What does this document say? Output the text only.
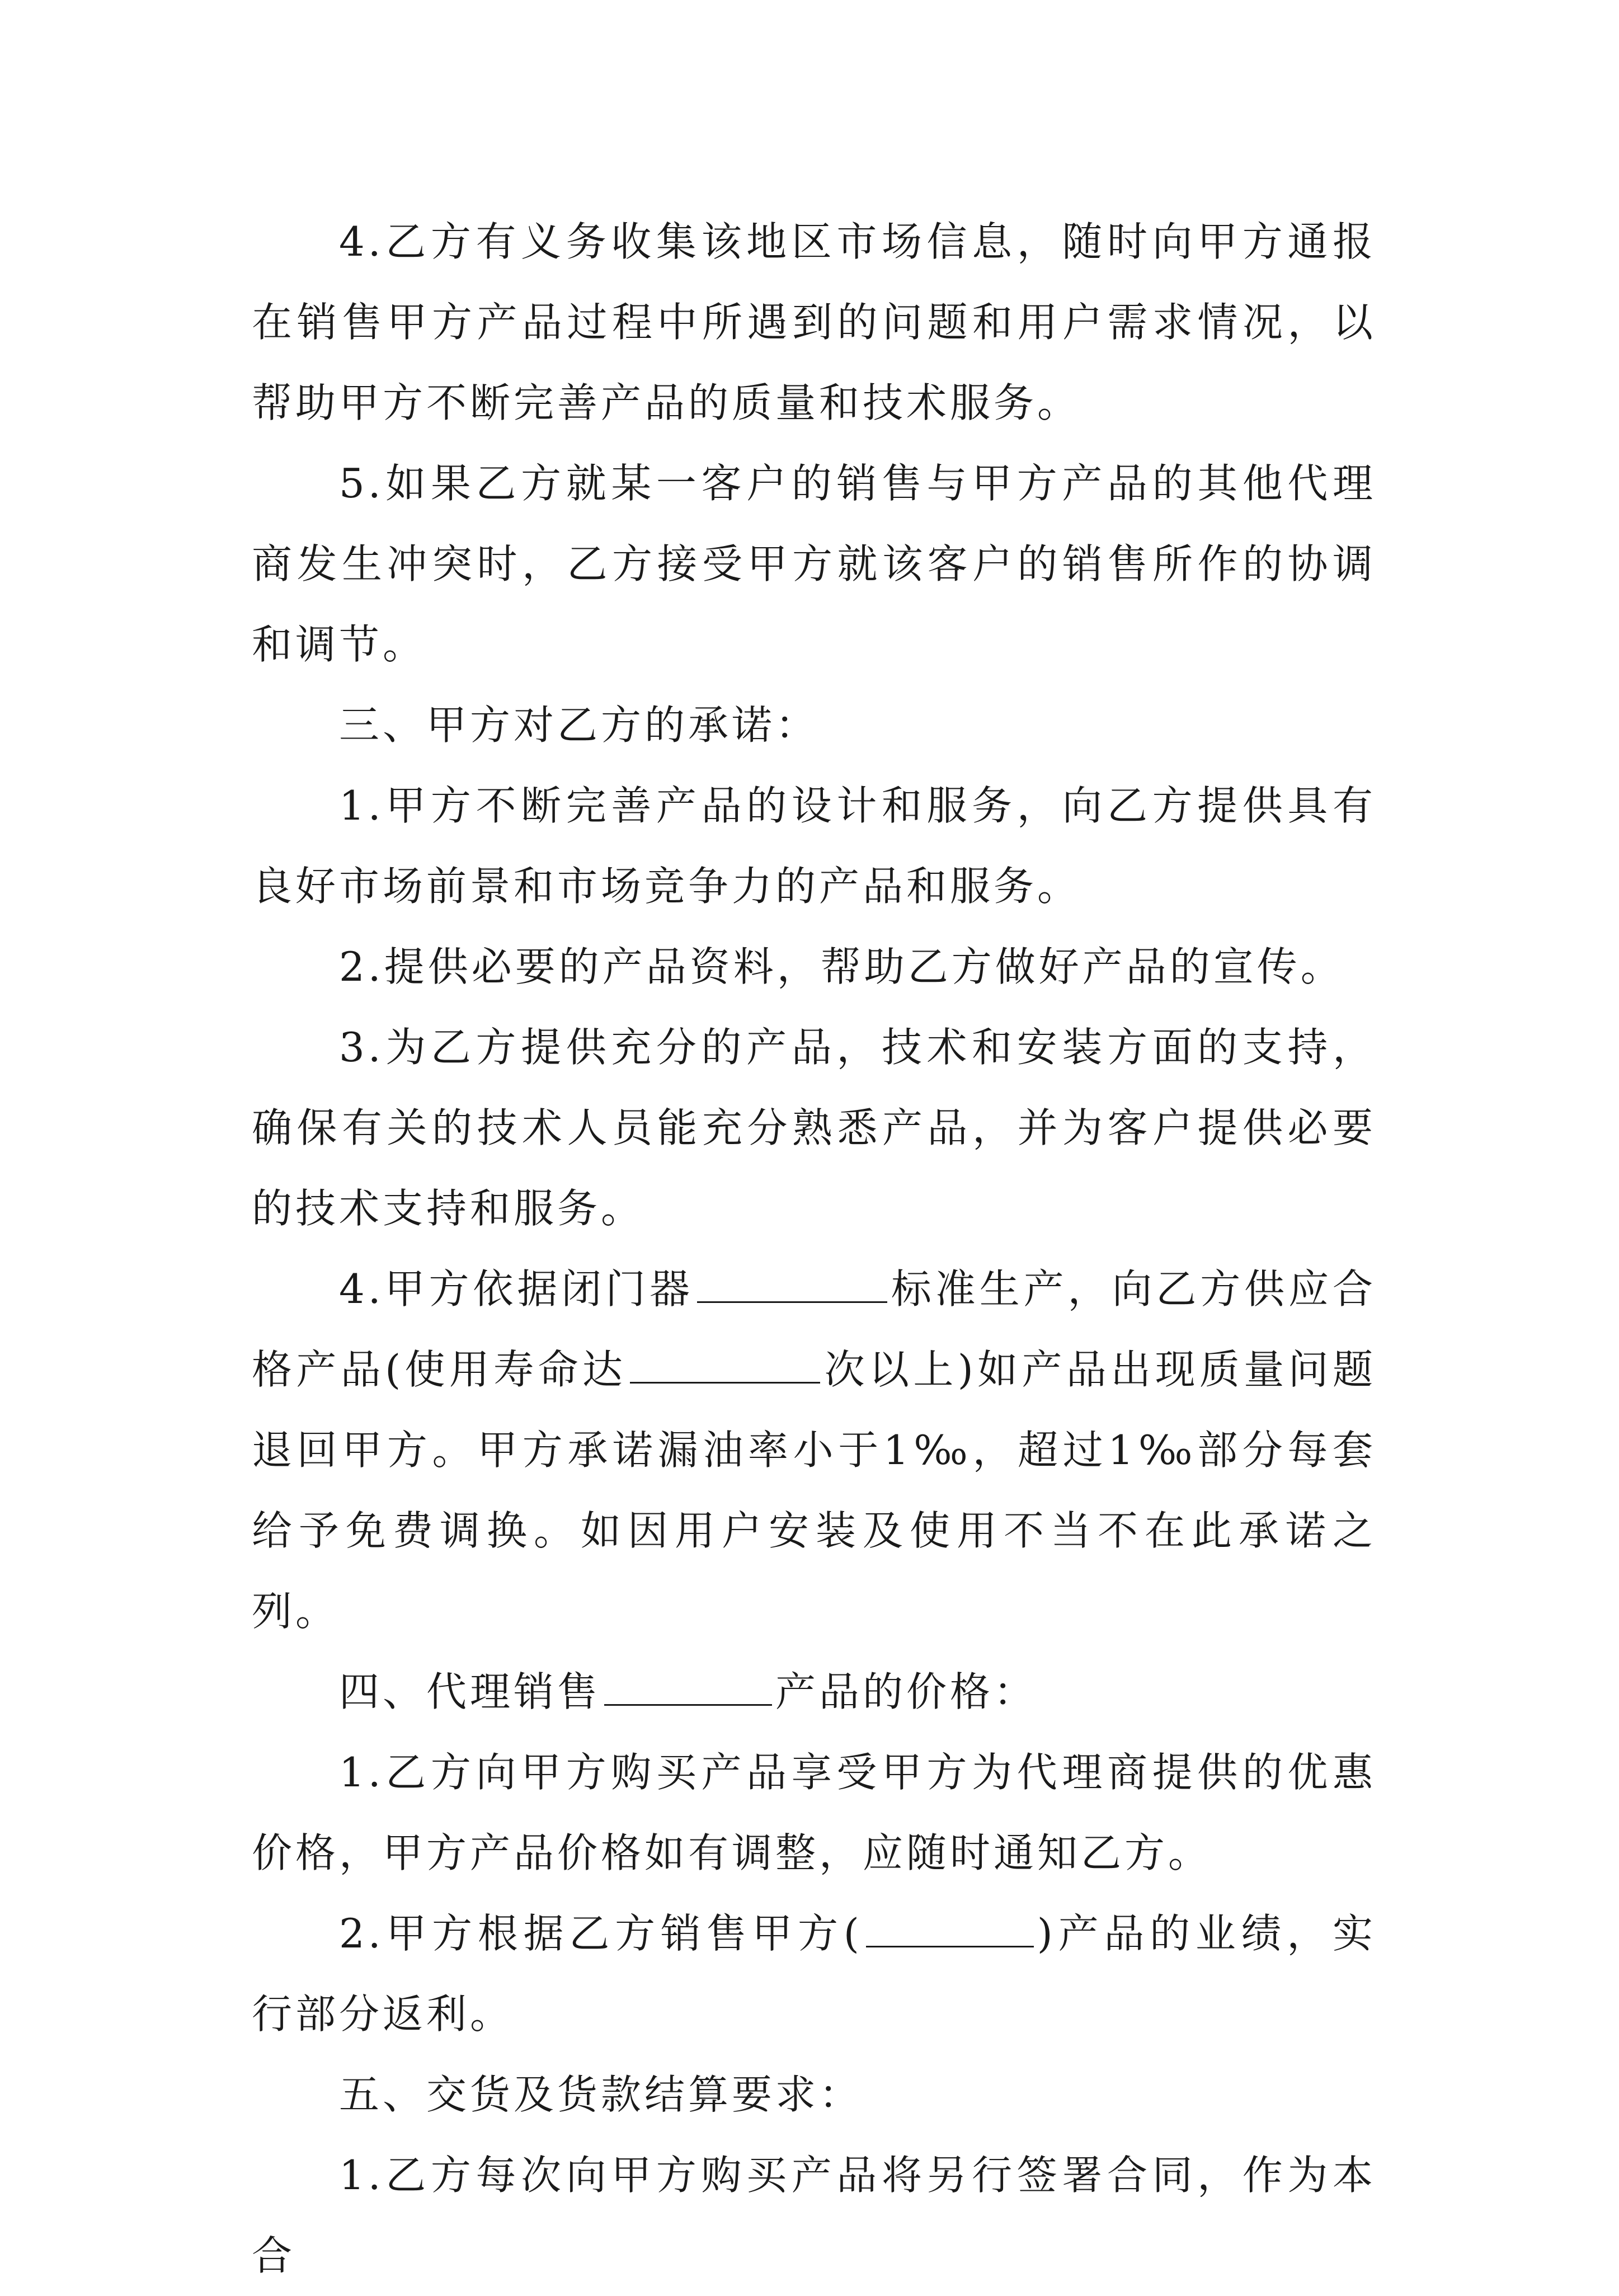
4.乙方有义务收集该地区市场信息，随时向甲方通报在销售甲方产品过程中所遇到的问题和用户需求情况，以帮助甲方不断完善产品的质量和技术服务。

5.如果乙方就某一客户的销售与甲方产品的其他代理商发生冲突时，乙方接受甲方就该客户的销售所作的协调和调节。

三、甲方对乙方的承诺：

1.甲方不断完善产品的设计和服务，向乙方提供具有良好市场前景和市场竞争力的产品和服务。

2.提供必要的产品资料，帮助乙方做好产品的宣传。

3.为乙方提供充分的产品，技术和安装方面的支持，确保有关的技术人员能充分熟悉产品，并为客户提供必要的技术支持和服务。

4.甲方依据闭门器	标准生产，向乙方供应合格产品(使用寿命达	次以上)如产品出现质量问题退回甲方。甲方承诺漏油率小于1‰，超过1‰部分每套给予免费调换。如因用户安装及使用不当不在此承诺之列。

四、代理销售	产品的价格：

1.乙方向甲方购买产品享受甲方为代理商提供的优惠价格，甲方产品价格如有调整，应随时通知乙方。

2.甲方根据乙方销售甲方(	)产品的业绩，实行部分返利。

五、交货及货款结算要求：

1.乙方每次向甲方购买产品将另行签署合同，作为本合
